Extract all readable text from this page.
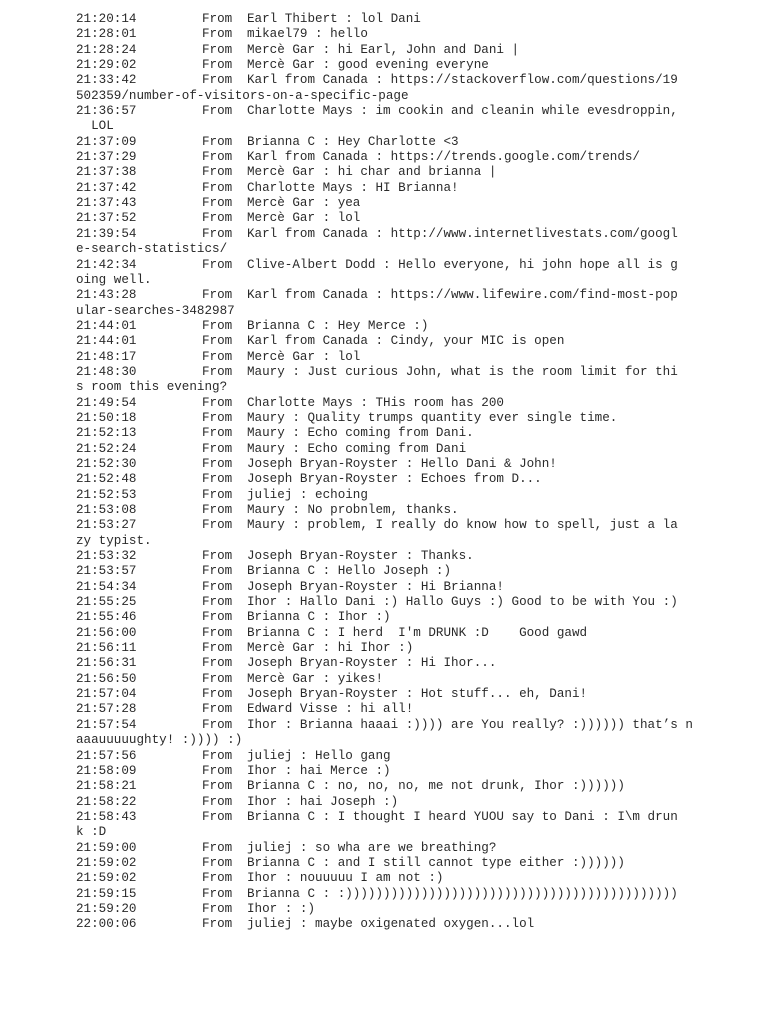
21:20:14	From Earl Thibert : lol Dani
21:28:01	From mikael79 : hello
21:28:24	From Mercè Gar : hi Earl, John and Dani |
21:29:02	From Mercè Gar : good evening everyne
21:33:42	From Karl from Canada : https://stackoverflow.com/questions/19
502359/number-of-visitors-on-a-specific-page
21:36:57	From Charlotte Mays : im cookin and cleanin while evesdroppin,
LOL
21:37:09	From Brianna C : Hey Charlotte <3
21:37:29	From Karl from Canada : https://trends.google.com/trends/
21:37:38	From Mercè Gar : hi char and brianna |
21:37:42	From Charlotte Mays : HI Brianna!
21:37:43	From Mercè Gar : yea
21:37:52	From Mercè Gar : lol
21:39:54	From Karl from Canada : http://www.internetlivestats.com/googl
e-search-statistics/
21:42:34	From Clive-Albert Dodd : Hello everyone, hi john hope all is g
oing well.
21:43:28	From Karl from Canada : https://www.lifewire.com/find-most-pop
ular-searches-3482987
21:44:01	From Brianna C : Hey Merce :)
21:44:01	From Karl from Canada : Cindy, your MIC is open
21:48:17	From Mercè Gar : lol
21:48:30	From Maury : Just curious John, what is the room limit for thi
s room this evening?
21:49:54	From Charlotte Mays : THis room has 200
21:50:18	From Maury : Quality trumps quantity ever single time.
21:52:13	From Maury : Echo coming from Dani.
21:52:24	From Maury : Echo coming from Dani
21:52:30	From Joseph Bryan-Royster : Hello Dani & John!
21:52:48	From Joseph Bryan-Royster : Echoes from D...
21:52:53	From juliej : echoing
21:53:08	From Maury : No probnlem, thanks.
21:53:27	From Maury : problem, I really do know how to spell, just a la
zy typist.
21:53:32	From Joseph Bryan-Royster : Thanks.
21:53:57	From Brianna C : Hello Joseph :)
21:54:34	From Joseph Bryan-Royster : Hi Brianna!
21:55:25	From Ihor : Hallo Dani :) Hallo Guys :) Good to be with You :)
21:55:46	From Brianna C : Ihor :)
21:56:00	From Brianna C : I herd  I'm DRUNK :D    Good gawd
21:56:11	From Mercè Gar : hi Ihor :)
21:56:31	From Joseph Bryan-Royster : Hi Ihor...
21:56:50	From Mercè Gar : yikes!
21:57:04	From Joseph Bryan-Royster : Hot stuff... eh, Dani!
21:57:28	From Edward Visse : hi all!
21:57:54	From Ihor : Brianna haaai :)))) are You really? :)))))) that’s n
aaauuuuughty! :)))) :)
21:57:56	From juliej : Hello gang
21:58:09	From Ihor : hai Merce :)
21:58:21	From Brianna C : no, no, no, me not drunk, Ihor :))))))
21:58:22	From Ihor : hai Joseph :)
21:58:43	From Brianna C : I thought I heard YUOU say to Dani : I\m drun
k :D
21:59:00	From juliej : so wha are we breathing?
21:59:02	From Brianna C : and I still cannot type either :))))))
21:59:02	From Ihor : nouuuuu I am not :)
21:59:15	From Brianna C : :))))))))))))))))))))))))))))))))))))))))))))
21:59:20	From Ihor : :)
22:00:06	From juliej : maybe oxigenated oxygen...lol
